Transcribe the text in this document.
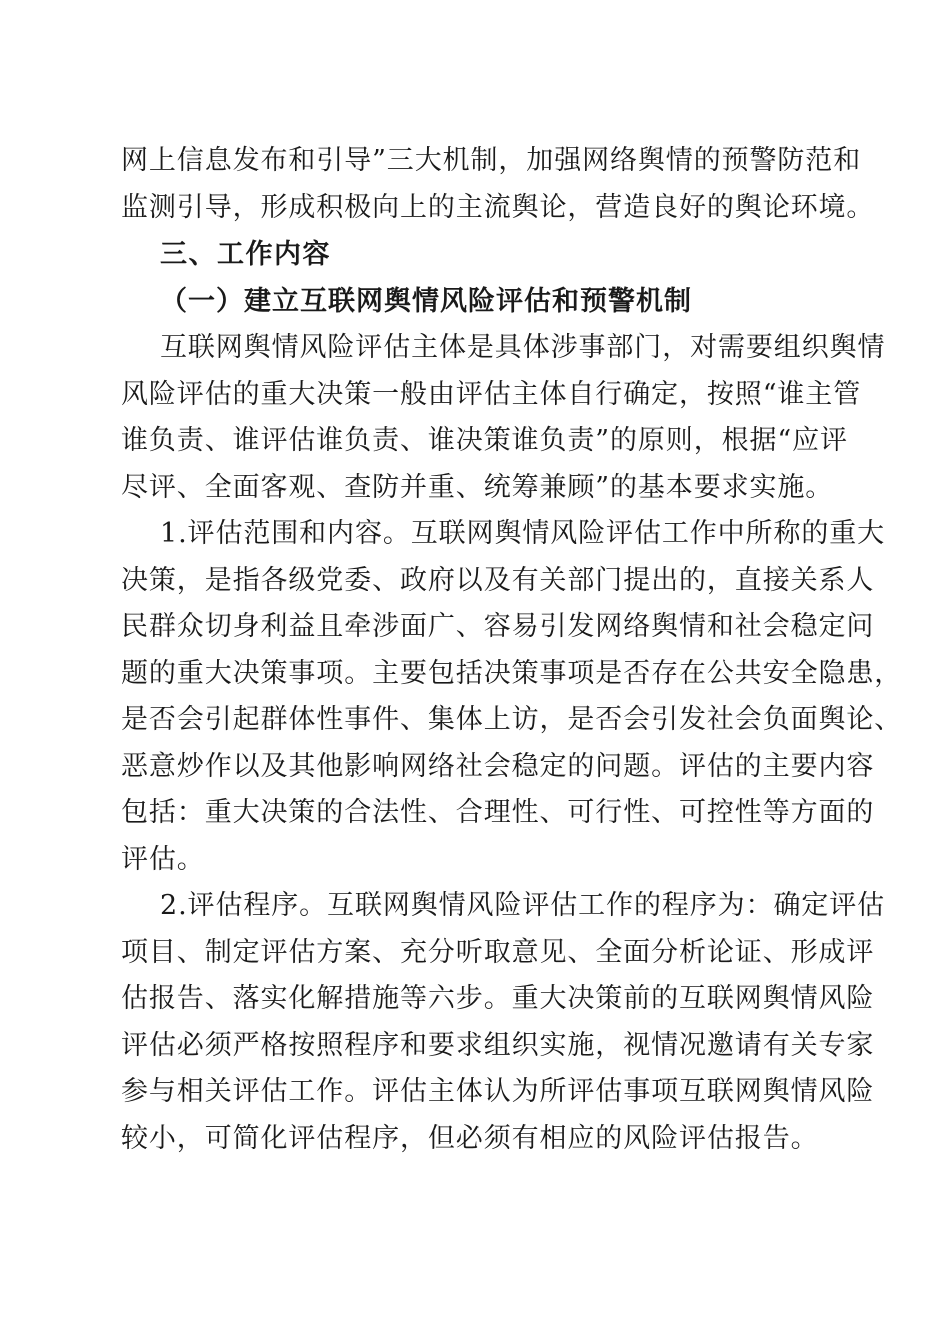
网上信息发布和引导”三大机制，加强网络舆情的预警防范和
监测引导，形成积极向上的主流舆论，营造良好的舆论环境。
三、工作内容
（一）建立互联网舆情风险评估和预警机制
互联网舆情风险评估主体是具体涉事部门，对需要组织舆情
风险评估的重大决策一般由评估主体自行确定，按照“谁主管
谁负责、谁评估谁负责、谁决策谁负责”的原则，根据“应评
尽评、全面客观、查防并重、统筹兼顾”的基本要求实施。
1.评估范围和内容。互联网舆情风险评估工作中所称的重大
决策，是指各级党委、政府以及有关部门提出的，直接关系人
民群众切身利益且牵涉面广、容易引发网络舆情和社会稳定问
题的重大决策事项。主要包括决策事项是否存在公共安全隐患，
是否会引起群体性事件、集体上访，是否会引发社会负面舆论、
恶意炒作以及其他影响网络社会稳定的问题。评估的主要内容
包括：重大决策的合法性、合理性、可行性、可控性等方面的
评估。
2.评估程序。互联网舆情风险评估工作的程序为：确定评估
项目、制定评估方案、充分听取意见、全面分析论证、形成评
估报告、落实化解措施等六步。重大决策前的互联网舆情风险
评估必须严格按照程序和要求组织实施，视情况邀请有关专家
参与相关评估工作。评估主体认为所评估事项互联网舆情风险
较小，可简化评估程序，但必须有相应的风险评估报告。
